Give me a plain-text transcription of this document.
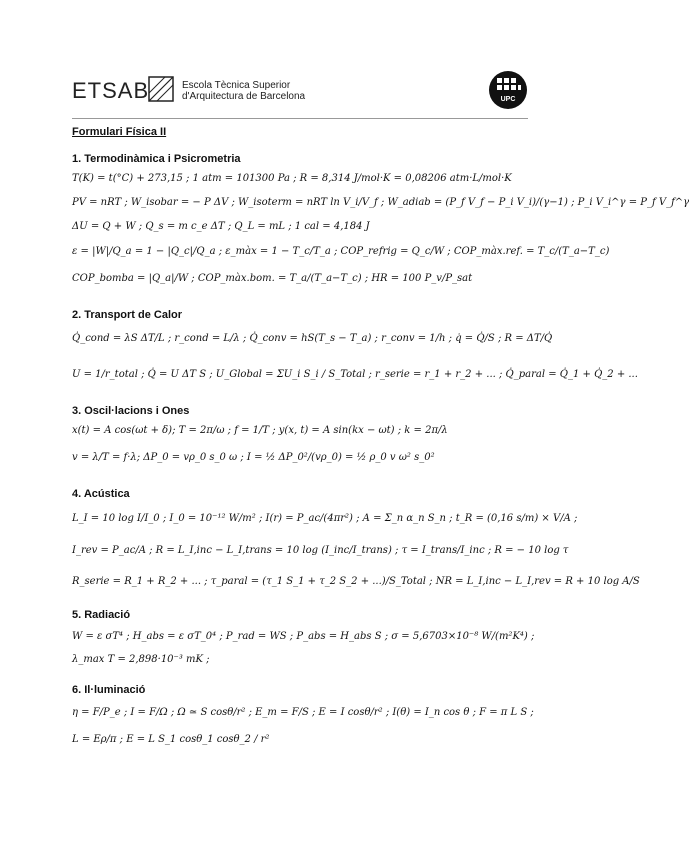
ETSAB	Escola Tècnica Superior
d'Arquitectura de Barcelona	UPC
Formulari Física II
1. Termodinàmica i Psicrometria
T(K) = t(°C) + 273,15 ; 1 atm = 101300 Pa ; R = 8,314 J/mol·K = 0,08206 atm·L/mol·K
PV = nRT ; W_isobar = − P ΔV ; W_isoterm = nRT ln V_i/V_f ; W_adiab = (P_f V_f − P_i V_i)/(γ−1) ; P_i V_i^γ = P_f V_f^γ
ΔU = Q + W ; Q_s = m c_e ΔT ; Q_L = mL ; 1 cal = 4,184 J
ε = |W|/Q_a = 1 − |Q_c|/Q_a ; ε_màx = 1 − T_c/T_a ; COP_refrig = Q_c/W ; COP_màx.ref. = T_c/(T_a−T_c)
COP_bomba = |Q_a|/W ; COP_màx.bom. = T_a/(T_a−T_c) ; HR = 100 P_v/P_sat
2. Transport de Calor
Q̇_cond = λS ΔT/L ; r_cond = L/λ ; Q̇_conv = hS(T_s − T_a) ; r_conv = 1/h ; q̇ = Q̇/S ; R = ΔT/Q̇
U = 1/r_total ; Q̇ = U ΔT S ; U_Global = ΣU_i S_i / S_Total ; r_serie = r_1 + r_2 + ... ; Q̇_paral = Q̇_1 + Q̇_2 + ...
3. Oscil·lacions i Ones
x(t) = A cos(ωt + δ); T = 2π/ω ; f = 1/T ; y(x, t) = A sin(kx − ωt) ; k = 2π/λ
v = λ/T = f·λ; ΔP_0 = vρ_0 s_0 ω ; I = ½ ΔP_0²/(vρ_0) = ½ ρ_0 v ω² s_0²
4. Acústica
L_I = 10 log I/I_0 ; I_0 = 10⁻¹² W/m² ; I(r) = P_ac/(4πr²) ; A = Σ_n α_n S_n ; t_R = (0,16 s/m) × V/A ;
I_rev = P_ac/A ; R = L_I,inc − L_I,trans = 10 log (I_inc/I_trans) ; τ = I_trans/I_inc ; R = − 10 log τ
R_serie = R_1 + R_2 + ... ; τ_paral = (τ_1 S_1 + τ_2 S_2 + ...)/S_Total ; NR = L_I,inc − L_I,rev = R + 10 log A/S
5. Radiació
W = ε σT⁴ ; H_abs = ε σT_0⁴ ; P_rad = WS ; P_abs = H_abs S ; σ = 5,6703×10⁻⁸ W/(m²K⁴) ;
λ_max T = 2,898·10⁻³ mK ;
6. Il·luminació
η = F/P_e ; I = F/Ω ; Ω ≃ S cosθ/r² ; E_m = F/S ; E = I cosθ/r² ; I(θ) = I_n cos θ ; F = π L S ;
L = Eρ/π ; E = L S_1 cosθ_1 cosθ_2 / r²
